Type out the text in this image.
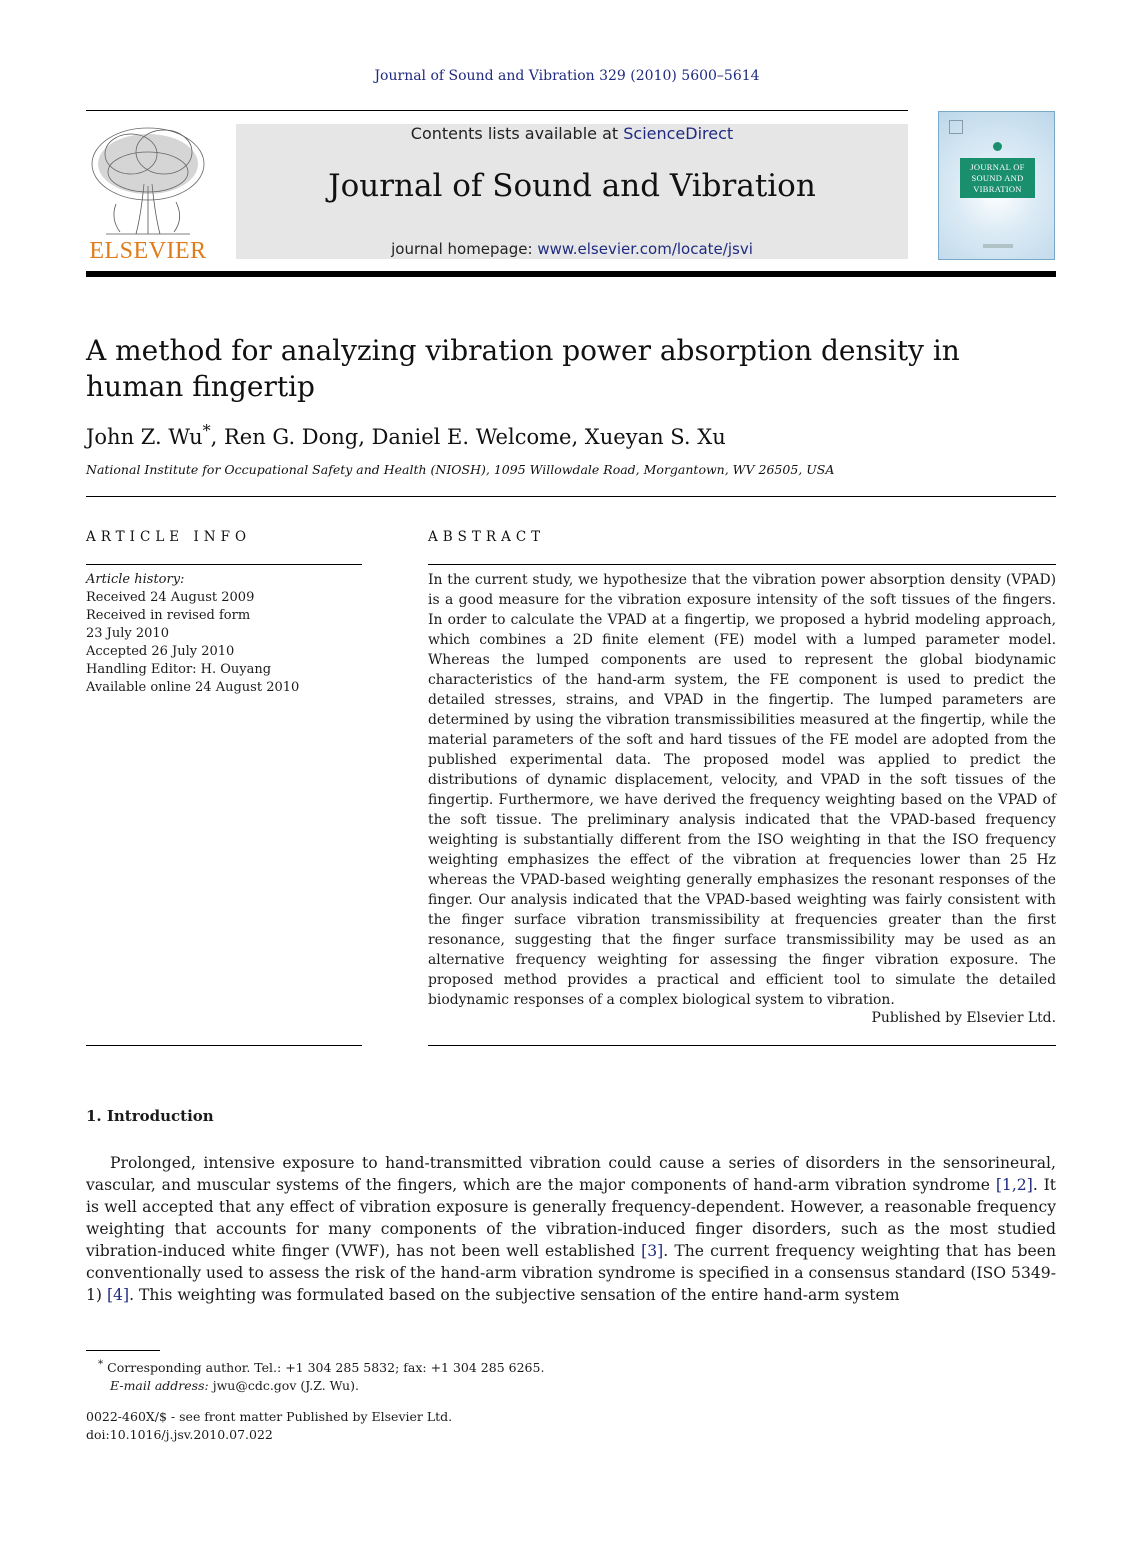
Journal of Sound and Vibration 329 (2010) 5600–5614
ELSEVIER
Contents lists available at ScienceDirect
Journal of Sound and Vibration
journal homepage: www.elsevier.com/locate/jsvi
JOURNAL OF SOUND AND VIBRATION
A method for analyzing vibration power absorption density in human fingertip
John Z. Wu*, Ren G. Dong, Daniel E. Welcome, Xueyan S. Xu
National Institute for Occupational Safety and Health (NIOSH), 1095 Willowdale Road, Morgantown, WV 26505, USA
ARTICLE INFO
Article history:
Received 24 August 2009
Received in revised form
23 July 2010
Accepted 26 July 2010
Handling Editor: H. Ouyang
Available online 24 August 2010
ABSTRACT
In the current study, we hypothesize that the vibration power absorption density (VPAD) is a good measure for the vibration exposure intensity of the soft tissues of the fingers. In order to calculate the VPAD at a fingertip, we proposed a hybrid modeling approach, which combines a 2D finite element (FE) model with a lumped parameter model. Whereas the lumped components are used to represent the global biodynamic characteristics of the hand-arm system, the FE component is used to predict the detailed stresses, strains, and VPAD in the fingertip. The lumped parameters are determined by using the vibration transmissibilities measured at the fingertip, while the material parameters of the soft and hard tissues of the FE model are adopted from the published experimental data. The proposed model was applied to predict the distributions of dynamic displacement, velocity, and VPAD in the soft tissues of the fingertip. Furthermore, we have derived the frequency weighting based on the VPAD of the soft tissue. The preliminary analysis indicated that the VPAD-based frequency weighting is substantially different from the ISO weighting in that the ISO frequency weighting emphasizes the effect of the vibration at frequencies lower than 25 Hz whereas the VPAD-based weighting generally emphasizes the resonant responses of the finger. Our analysis indicated that the VPAD-based weighting was fairly consistent with the finger surface vibration transmissibility at frequencies greater than the first resonance, suggesting that the finger surface transmissibility may be used as an alternative frequency weighting for assessing the finger vibration exposure. The proposed method provides a practical and efficient tool to simulate the detailed biodynamic responses of a complex biological system to vibration.
Published by Elsevier Ltd.
1. Introduction
Prolonged, intensive exposure to hand-transmitted vibration could cause a series of disorders in the sensorineural, vascular, and muscular systems of the fingers, which are the major components of hand-arm vibration syndrome [1,2]. It is well accepted that any effect of vibration exposure is generally frequency-dependent. However, a reasonable frequency weighting that accounts for many components of the vibration-induced finger disorders, such as the most studied vibration-induced white finger (VWF), has not been well established [3]. The current frequency weighting that has been conventionally used to assess the risk of the hand-arm vibration syndrome is specified in a consensus standard (ISO 5349-1) [4]. This weighting was formulated based on the subjective sensation of the entire hand-arm system
* Corresponding author. Tel.: +1 304 285 5832; fax: +1 304 285 6265.
E-mail address: jwu@cdc.gov (J.Z. Wu).
0022-460X/$ - see front matter Published by Elsevier Ltd.
doi:10.1016/j.jsv.2010.07.022
